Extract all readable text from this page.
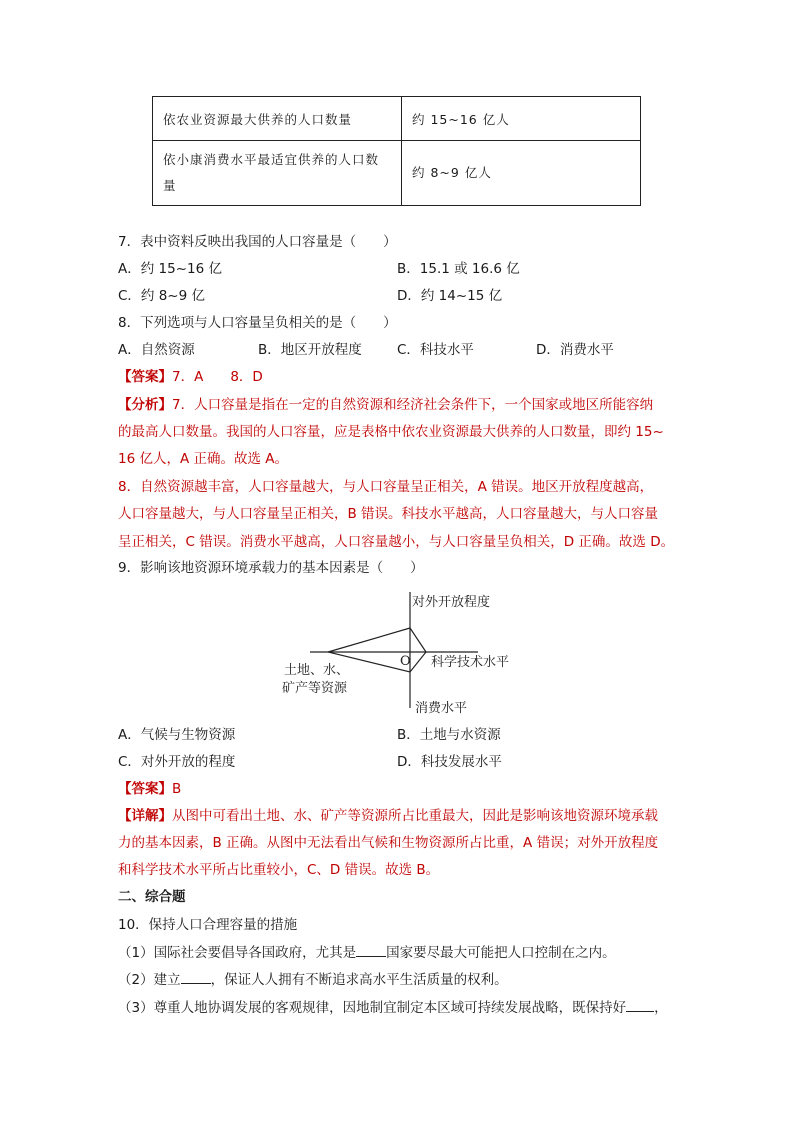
依农业资源最大供养的人口数量	约 15~16 亿人
依小康消费水平最适宜供养的人口数量	约 8~9 亿人
7．表中资料反映出我国的人口容量是（　　）
A．约 15~16 亿	B．15.1 或 16.6 亿
C．约 8~9 亿	D．约 14~15 亿
8．下列选项与人口容量呈负相关的是（　　）
A．自然资源	B．地区开放程度	C．科技水平	D．消费水平
【答案】7．A　　8．D
【分析】7．人口容量是指在一定的自然资源和经济社会条件下，一个国家或地区所能容纳
的最高人口数量。我国的人口容量，应是表格中依农业资源最大供养的人口数量，即约 15~
16 亿人，A 正确。故选 A。
8．自然资源越丰富，人口容量越大，与人口容量呈正相关，A 错误。地区开放程度越高，
人口容量越大，与人口容量呈正相关，B 错误。科技水平越高，人口容量越大，与人口容量
呈正相关，C 错误。消费水平越高，人口容量越小，与人口容量呈负相关，D 正确。故选 D。
9．影响该地资源环境承载力的基本因素是（　　）
对外开放程度
科学技术水平
消费水平
土地、水、
矿产等资源
O
A．气候与生物资源	B．土地与水资源
C．对外开放的程度	D．科技发展水平
【答案】B
【详解】从图中可看出土地、水、矿产等资源所占比重最大，因此是影响该地资源环境承载
力的基本因素，B 正确。从图中无法看出气候和生物资源所占比重，A 错误；对外开放程度
和科学技术水平所占比重较小，C、D 错误。故选 B。
二、综合题
10．保持人口合理容量的措施
（1）国际社会要倡导各国政府，尤其是 国家要尽最大可能把人口控制在之内。
（2）建立 ，保证人人拥有不断追求高水平生活质量的权利。
（3）尊重人地协调发展的客观规律，因地制宜制定本区域可持续发展战略，既保持好 ，
